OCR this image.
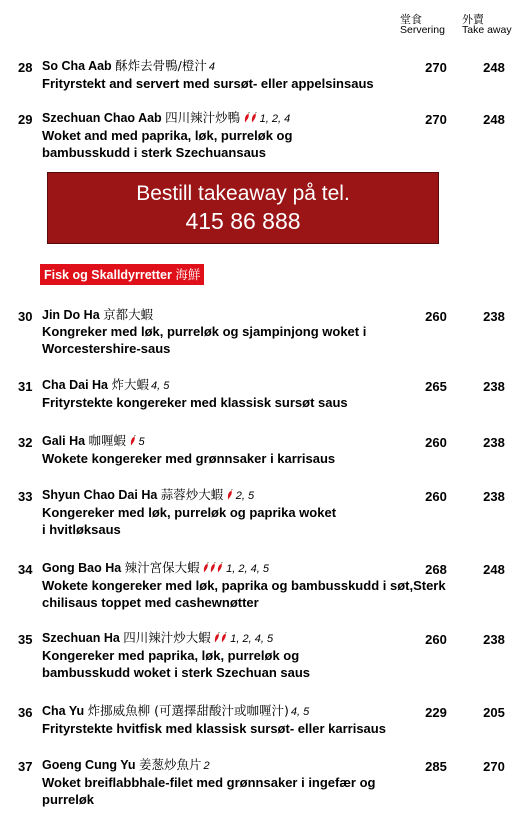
堂食
Servering
外賣
Take away
Bestill takeaway på tel.
415 86 888
Fisk og Skalldyrretter 海鮮
28 So Cha Aab 酥炸去骨鴨/橙汁 4
Frityrstekt and servert med sursøt- eller appelsinsaus
270	248
29 Szechuan Chao Aab 四川辣汁炒鴨 1, 2, 4
Woket and med paprika, løk, purreløk og bambusskudd i sterk Szechuansaus
270	248
30 Jin Do Ha 京都大蝦
Kongreker med løk, purreløk og sjampinjong woket i Worcestershire-saus
260	238
31 Cha Dai Ha 炸大蝦 4, 5
Frityrstekte kongereker med klassisk sursøt saus
265	238
32 Gali Ha 咖喱蝦 5
Wokete kongereker med grønnsaker i karrisaus
260	238
33 Shyun Chao Dai Ha 蒜蓉炒大蝦 2, 5
Kongereker med løk, purreløk og paprika woket i hvitløksaus
260	238
34 Gong Bao Ha 辣汁宮保大蝦 1, 2, 4, 5
Wokete kongereker med løk, paprika og bambusskudd i søt,Sterk chilisaus toppet med cashewnøtter
268	248
35 Szechuan Ha 四川辣汁炒大蝦 1, 2, 4, 5
Kongereker med paprika, løk, purreløk og bambusskudd woket i sterk Szechuan saus
260	238
36 Cha Yu 炸挪威魚柳 (可選擇甜酸汁或咖喱汁) 4, 5
Frityrstekte hvitfisk med klassisk sursøt- eller karrisaus
229	205
37 Goeng Cung Yu 姜葱炒魚片 2
Woket breiflabbhale-filet med grønnsaker i ingefær og purreløk
285	270
